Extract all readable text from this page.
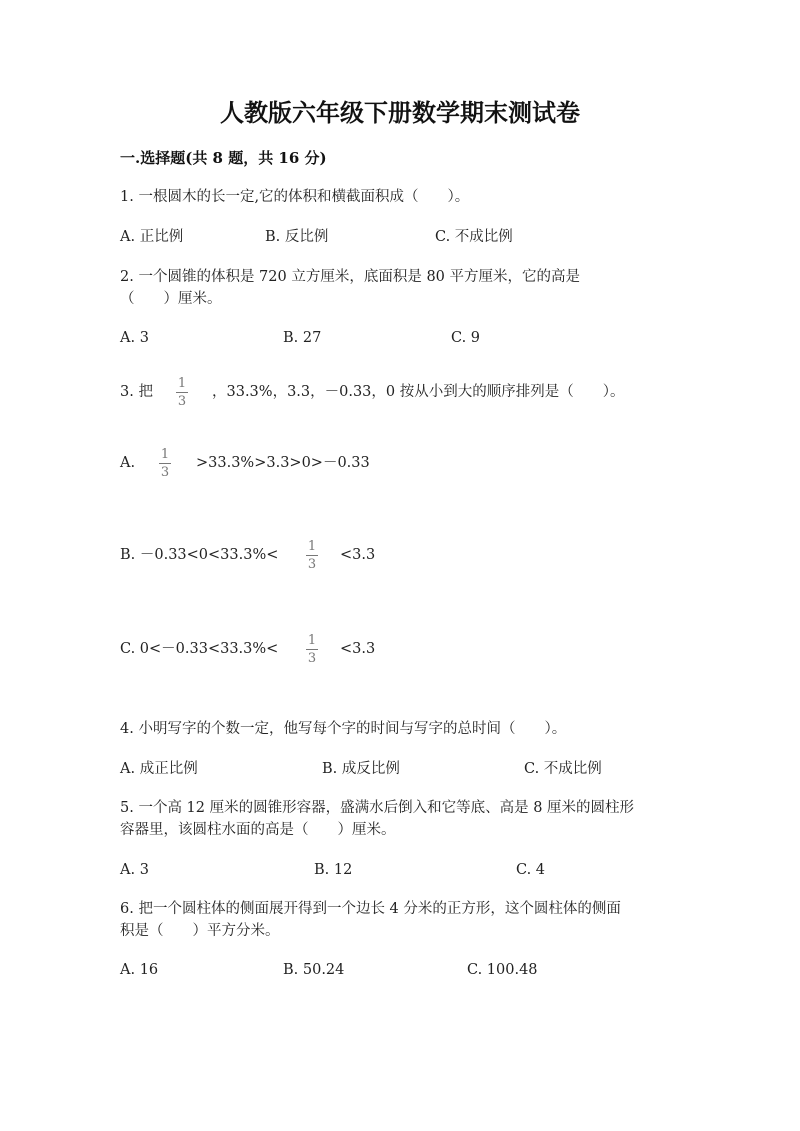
人教版六年级下册数学期末测试卷
一.选择题(共 8 题，共 16 分)
1. 一根圆木的长一定,它的体积和横截面积成（　　）。
A. 正比例	B. 反比例	C. 不成比例
2. 一个圆锥的体积是 720 立方厘米，底面积是 80 平方厘米，它的高是
（　　）厘米。
A. 3	B. 27	C. 9
3. 把
1
3
，33.3%，3.3，－0.33，0 按从小到大的顺序排列是（　　）。
A.
1
3
>33.3%>3.3>0>－0.33
B. －0.33<0<33.3%<
1
3
<3.3
C. 0<－0.33<33.3%<
1
3
<3.3
4. 小明写字的个数一定，他写每个字的时间与写字的总时间（　　）。
A. 成正比例	B. 成反比例	C. 不成比例
5. 一个高 12 厘米的圆锥形容器，盛满水后倒入和它等底、高是 8 厘米的圆柱形
容器里，该圆柱水面的高是（　　）厘米。
A. 3	B. 12	C. 4
6. 把一个圆柱体的侧面展开得到一个边长 4 分米的正方形，这个圆柱体的侧面
积是（　　）平方分米。
A. 16	B. 50.24	C. 100.48
